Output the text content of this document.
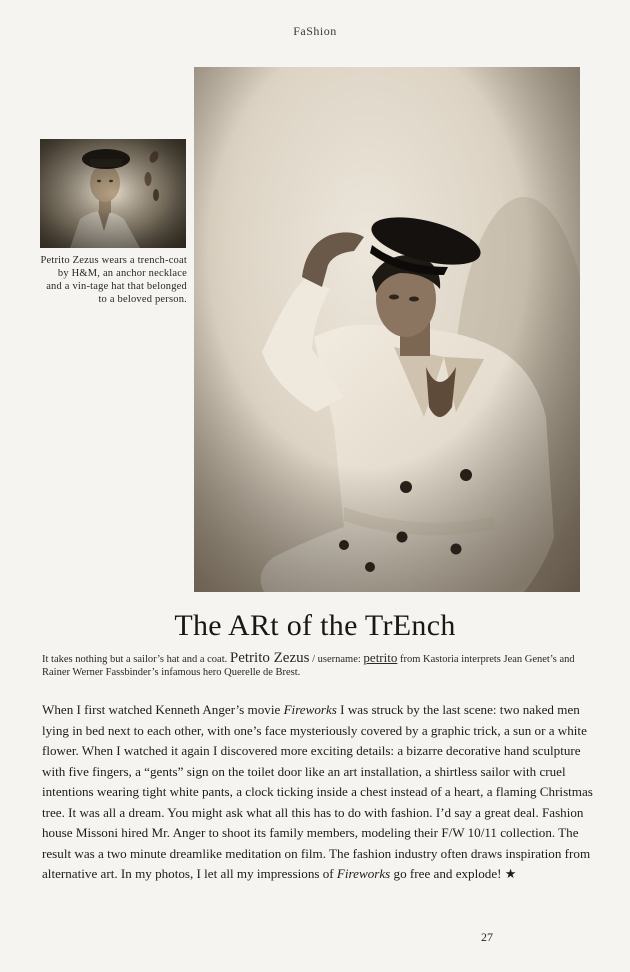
FaShion
Petrito Zezus wears a trench-coat by H&M, an anchor necklace and a vin-tage hat that belonged to a beloved person.
The ARt of the TrEnch
It takes nothing but a sailor’s hat and a coat. Petrito Zezus / username: petrito from Kastoria interprets Jean Genet’s and Rainer Werner Fassbinder’s infamous hero Querelle de Brest.
When I first watched Kenneth Anger’s movie Fireworks I was struck by the last scene: two naked men lying in bed next to each other, with one’s face mysteriously covered by a graphic trick, a sun or a white flower. When I watched it again I discovered more exciting details: a bizarre decorative hand sculpture with five fingers, a “gents” sign on the toilet door like an art installation, a shirtless sailor with cruel intentions wearing tight white pants, a clock ticking inside a chest instead of a heart, a flaming Christmas tree. It was all a dream. You might ask what all this has to do with fashion. I’d say a great deal. Fashion house Missoni hired Mr. Anger to shoot its family members, modeling their F/W 10/11 collection. The result was a two minute dreamlike meditation on film. The fashion industry often draws inspiration from alternative art. In my photos, I let all my impressions of Fireworks go free and explode! ★
27
